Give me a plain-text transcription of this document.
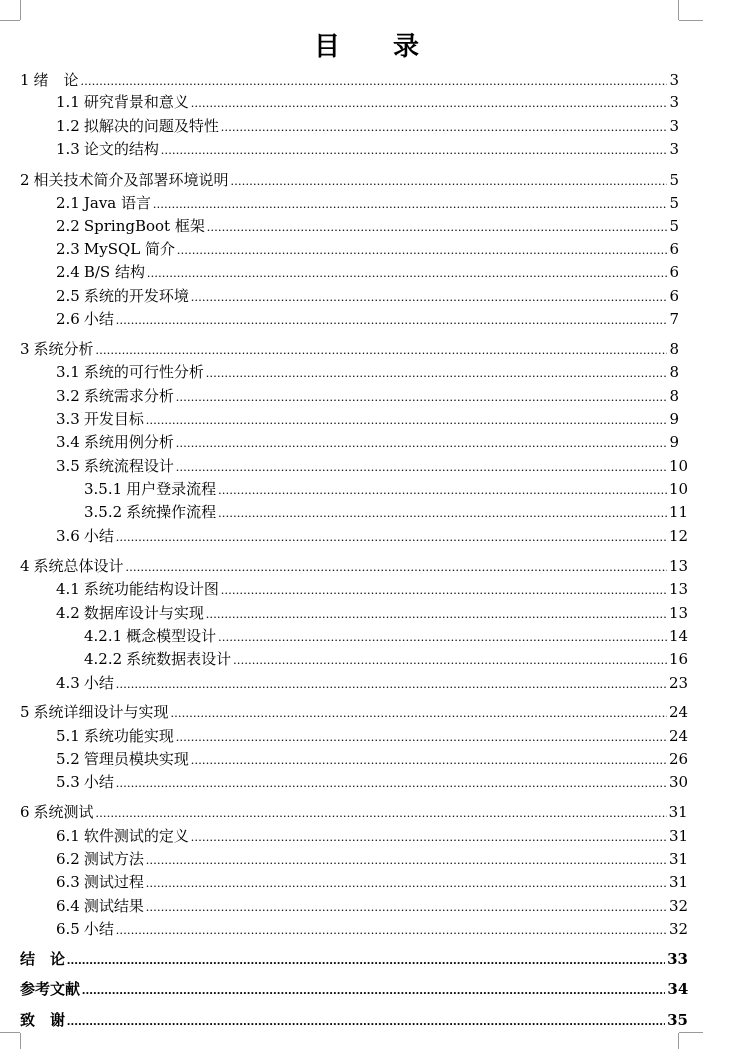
目 录
1 绪　论 .....	3
1.1 研究背景和意义 .....	3
1.2 拟解决的问题及特性 .....	3
1.3 论文的结构 .....	3
2 相关技术简介及部署环境说明 .....	5
2.1 Java 语言 .....	5
2.2 SpringBoot 框架 .....	5
2.3 MySQL 简介 .....	6
2.4 B/S 结构 .....	6
2.5 系统的开发环境 .....	6
2.6 小结 .....	7
3 系统分析 .....	8
3.1 系统的可行性分析 .....	8
3.2 系统需求分析 .....	8
3.3 开发目标 .....	9
3.4 系统用例分析 .....	9
3.5 系统流程设计 .....	10
3.5.1 用户登录流程 .....	10
3.5.2 系统操作流程 .....	11
3.6 小结 .....	12
4 系统总体设计 .....	13
4.1 系统功能结构设计图 .....	13
4.2 数据库设计与实现 .....	13
4.2.1 概念模型设计 .....	14
4.2.2 系统数据表设计 .....	16
4.3 小结 .....	23
5 系统详细设计与实现 .....	24
5.1 系统功能实现 .....	24
5.2 管理员模块实现 .....	26
5.3 小结 .....	30
6 系统测试 .....	31
6.1 软件测试的定义 .....	31
6.2 测试方法 .....	31
6.3 测试过程 .....	31
6.4 测试结果 .....	32
6.5 小结 .....	32
结　论 .....	33
参考文献 .....	34
致　谢 .....	35
